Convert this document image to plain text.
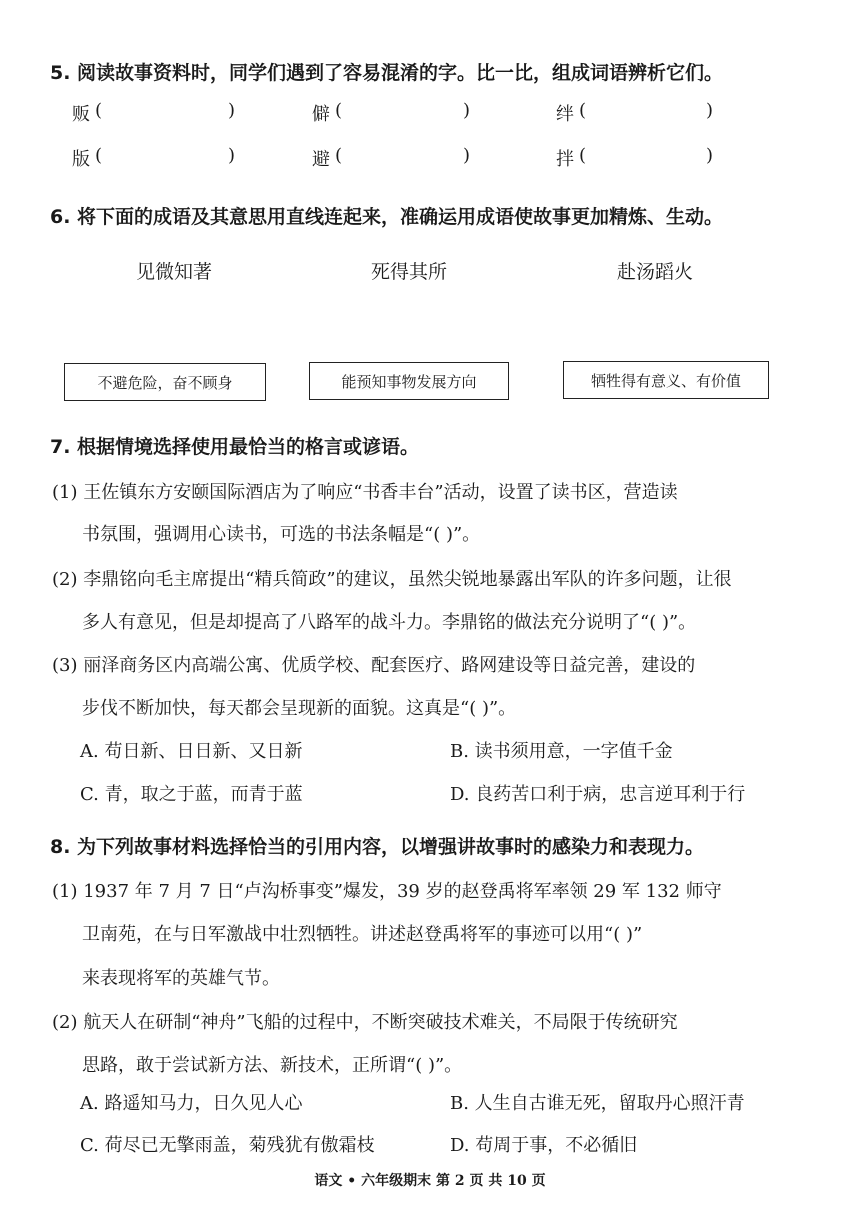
5. 阅读故事资料时，同学们遇到了容易混淆的字。比一比，组成词语辨析它们。
贩 (	)	僻 (	)	绊 (	)
版 (	)	避 (	)	拌 (	)
6. 将下面的成语及其意思用直线连起来，准确运用成语使故事更加精炼、生动。
见微知著	死得其所	赴汤蹈火
不避危险，奋不顾身	能预知事物发展方向	牺牲得有意义、有价值
7. 根据情境选择使用最恰当的格言或谚语。
(1) 王佐镇东方安颐国际酒店为了响应“书香丰台”活动，设置了读书区，营造读
书氛围，强调用心读书，可选的书法条幅是“( )”。
(2) 李鼎铭向毛主席提出“精兵简政”的建议，虽然尖锐地暴露出军队的许多问题，让很
多人有意见，但是却提高了八路军的战斗力。李鼎铭的做法充分说明了“( )”。
(3) 丽泽商务区内高端公寓、优质学校、配套医疗、路网建设等日益完善，建设的
步伐不断加快，每天都会呈现新的面貌。这真是“( )”。
A. 苟日新、日日新、又日新	B. 读书须用意，一字值千金
C. 青，取之于蓝，而青于蓝	D. 良药苦口利于病，忠言逆耳利于行
8. 为下列故事材料选择恰当的引用内容，以增强讲故事时的感染力和表现力。
(1) 1937 年 7 月 7 日“卢沟桥事变”爆发，39 岁的赵登禹将军率领 29 军 132 师守
卫南苑，在与日军激战中壮烈牺牲。讲述赵登禹将军的事迹可以用“( )”
来表现将军的英雄气节。
(2) 航天人在研制“神舟”飞船的过程中，不断突破技术难关，不局限于传统研究
思路，敢于尝试新方法、新技术，正所谓“( )”。
A. 路遥知马力，日久见人心	B. 人生自古谁无死，留取丹心照汗青
C. 荷尽已无擎雨盖，菊残犹有傲霜枝	D. 苟周于事，不必循旧
语文 • 六年级期末 第 2 页 共 10 页
